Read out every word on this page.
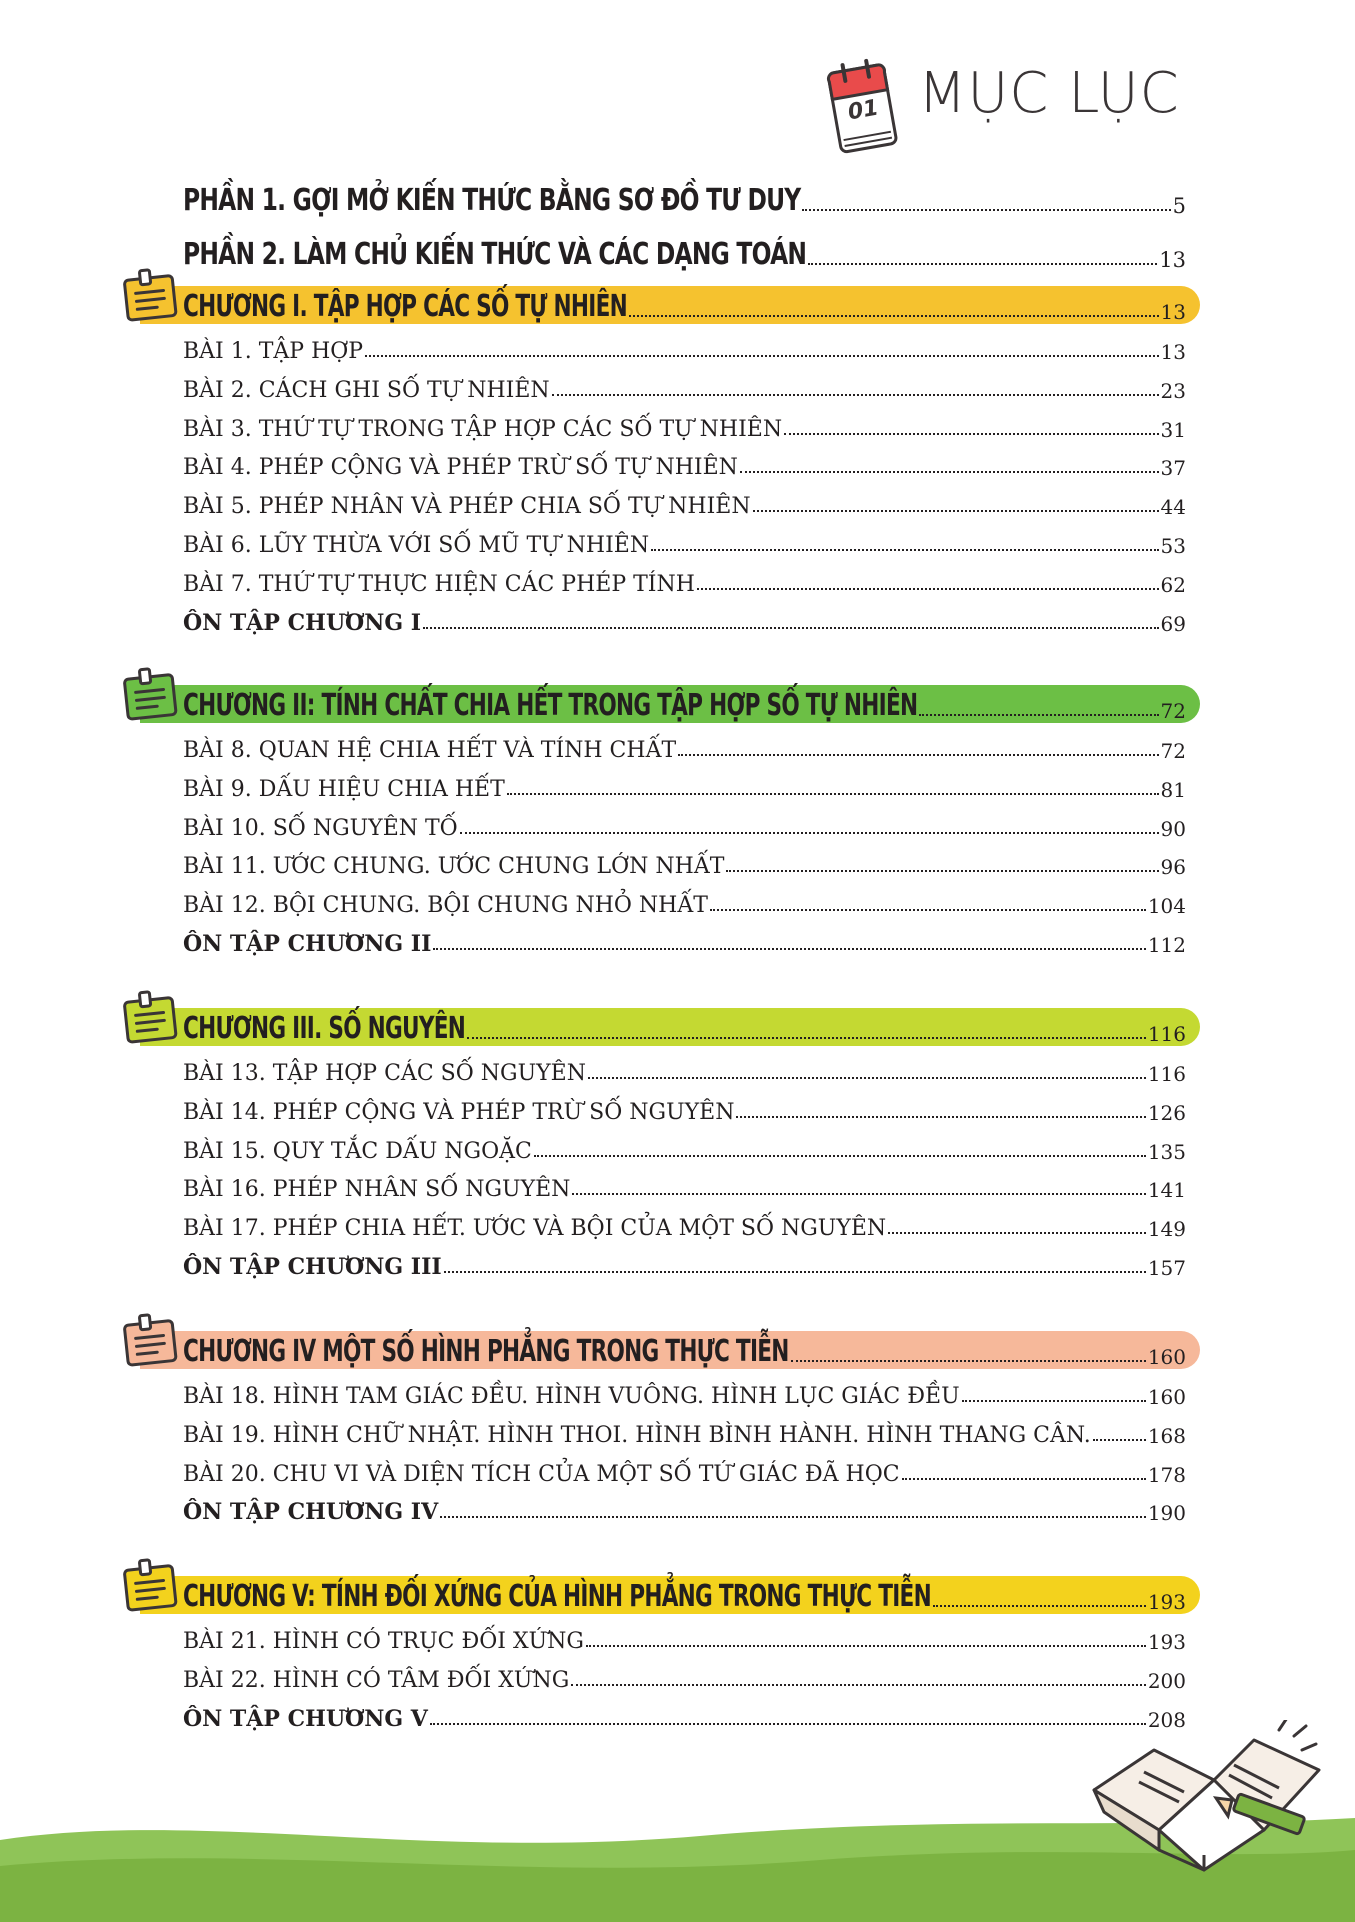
01 MỤC LỤC
PHẦN 1. GỢI MỞ KIẾN THỨC BẰNG SƠ ĐỒ TƯ DUY	5
PHẦN 2. LÀM CHỦ KIẾN THỨC VÀ CÁC DẠNG TOÁN	13
CHƯƠNG I. TẬP HỢP CÁC SỐ TỰ NHIÊN	13
BÀI 1. TẬP HỢP	13
BÀI 2. CÁCH GHI SỐ TỰ NHIÊN	23
BÀI 3. THỨ TỰ TRONG TẬP HỢP CÁC SỐ TỰ NHIÊN	31
BÀI 4. PHÉP CỘNG VÀ PHÉP TRỪ SỐ TỰ NHIÊN	37
BÀI 5. PHÉP NHÂN VÀ PHÉP CHIA SỐ TỰ NHIÊN	44
BÀI 6. LŨY THỪA VỚI SỐ MŨ TỰ NHIÊN	53
BÀI 7. THỨ TỰ THỰC HIỆN CÁC PHÉP TÍNH	62
ÔN TẬP CHƯƠNG I	69
CHƯƠNG II: TÍNH CHẤT CHIA HẾT TRONG TẬP HỢP SỐ TỰ NHIÊN	72
BÀI 8. QUAN HỆ CHIA HẾT VÀ TÍNH CHẤT	72
BÀI 9. DẤU HIỆU CHIA HẾT	81
BÀI 10. SỐ NGUYÊN TỐ	90
BÀI 11. ƯỚC CHUNG. ƯỚC CHUNG LỚN NHẤT	96
BÀI 12. BỘI CHUNG. BỘI CHUNG NHỎ NHẤT	104
ÔN TẬP CHƯƠNG II	112
CHƯƠNG III. SỐ NGUYÊN	116
BÀI 13. TẬP HỢP CÁC SỐ NGUYÊN	116
BÀI 14. PHÉP CỘNG VÀ PHÉP TRỪ SỐ NGUYÊN	126
BÀI 15. QUY TẮC DẤU NGOẶC	135
BÀI 16. PHÉP NHÂN SỐ NGUYÊN	141
BÀI 17. PHÉP CHIA HẾT. ƯỚC VÀ BỘI CỦA MỘT SỐ NGUYÊN	149
ÔN TẬP CHƯƠNG III	157
CHƯƠNG IV MỘT SỐ HÌNH PHẲNG TRONG THỰC TIỄN	160
BÀI 18. HÌNH TAM GIÁC ĐỀU. HÌNH VUÔNG. HÌNH LỤC GIÁC ĐỀU	160
BÀI 19. HÌNH CHỮ NHẬT. HÌNH THOI. HÌNH BÌNH HÀNH. HÌNH THANG CÂN.	168
BÀI 20. CHU VI VÀ DIỆN TÍCH CỦA MỘT SỐ TỨ GIÁC ĐÃ HỌC	178
ÔN TẬP CHƯƠNG IV	190
CHƯƠNG V: TÍNH ĐỐI XỨNG CỦA HÌNH PHẲNG TRONG THỰC TIỄN	193
BÀI 21. HÌNH CÓ TRỤC ĐỐI XỨNG	193
BÀI 22. HÌNH CÓ TÂM ĐỐI XỨNG	200
ÔN TẬP CHƯƠNG V	208
